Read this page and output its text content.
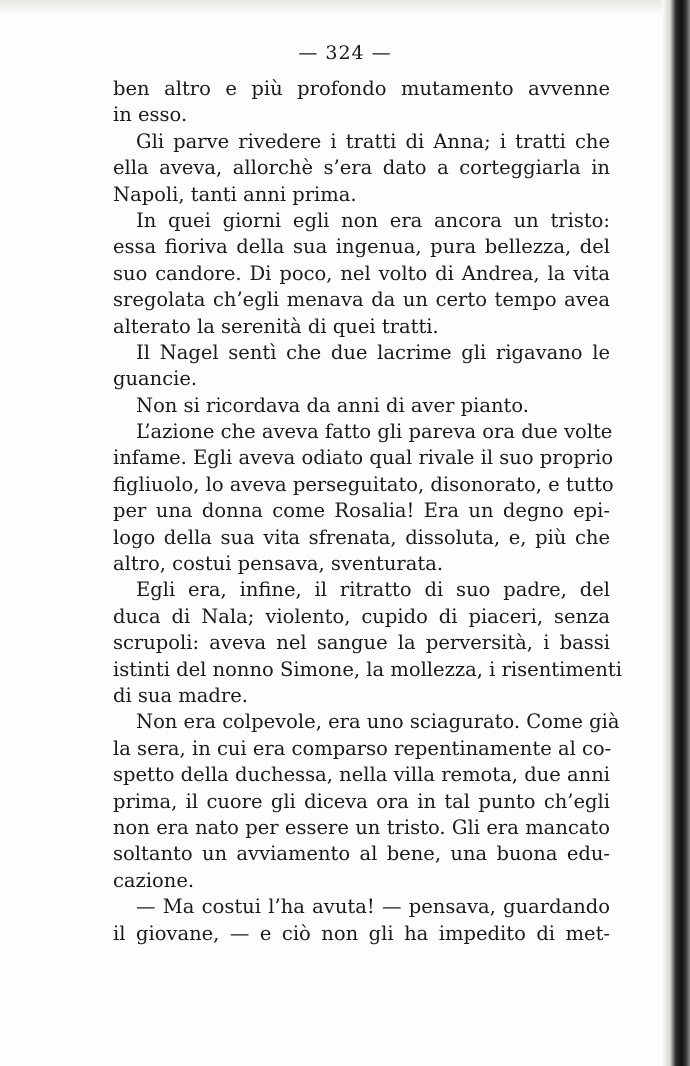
— 324 —
ben altro e più profondo mutamento avvenne
in esso.
Gli parve rivedere i tratti di Anna; i tratti che
ella aveva, allorchè s’era dato a corteggiarla in
Napoli, tanti anni prima.
In quei giorni egli non era ancora un tristo:
essa fioriva della sua ingenua, pura bellezza, del
suo candore. Di poco, nel volto di Andrea, la vita
sregolata ch’egli menava da un certo tempo avea
alterato la serenità di quei tratti.
Il Nagel sentì che due lacrime gli rigavano le
guancie.
Non si ricordava da anni di aver pianto.
L’azione che aveva fatto gli pareva ora due volte
infame. Egli aveva odiato qual rivale il suo proprio
figliuolo, lo aveva perseguitato, disonorato, e tutto
per una donna come Rosalia! Era un degno epi-
logo della sua vita sfrenata, dissoluta, e, più che
altro, costui pensava, sventurata.
Egli era, infine, il ritratto di suo padre, del
duca di Nala; violento, cupido di piaceri, senza
scrupoli: aveva nel sangue la perversità, i bassi
istinti del nonno Simone, la mollezza, i risentimenti
di sua madre.
Non era colpevole, era uno sciagurato. Come già
la sera, in cui era comparso repentinamente al co-
spetto della duchessa, nella villa remota, due anni
prima, il cuore gli diceva ora in tal punto ch’egli
non era nato per essere un tristo. Gli era mancato
soltanto un avviamento al bene, una buona edu-
cazione.
— Ma costui l’ha avuta! — pensava, guardando
il giovane, — e ciò non gli ha impedito di met-
